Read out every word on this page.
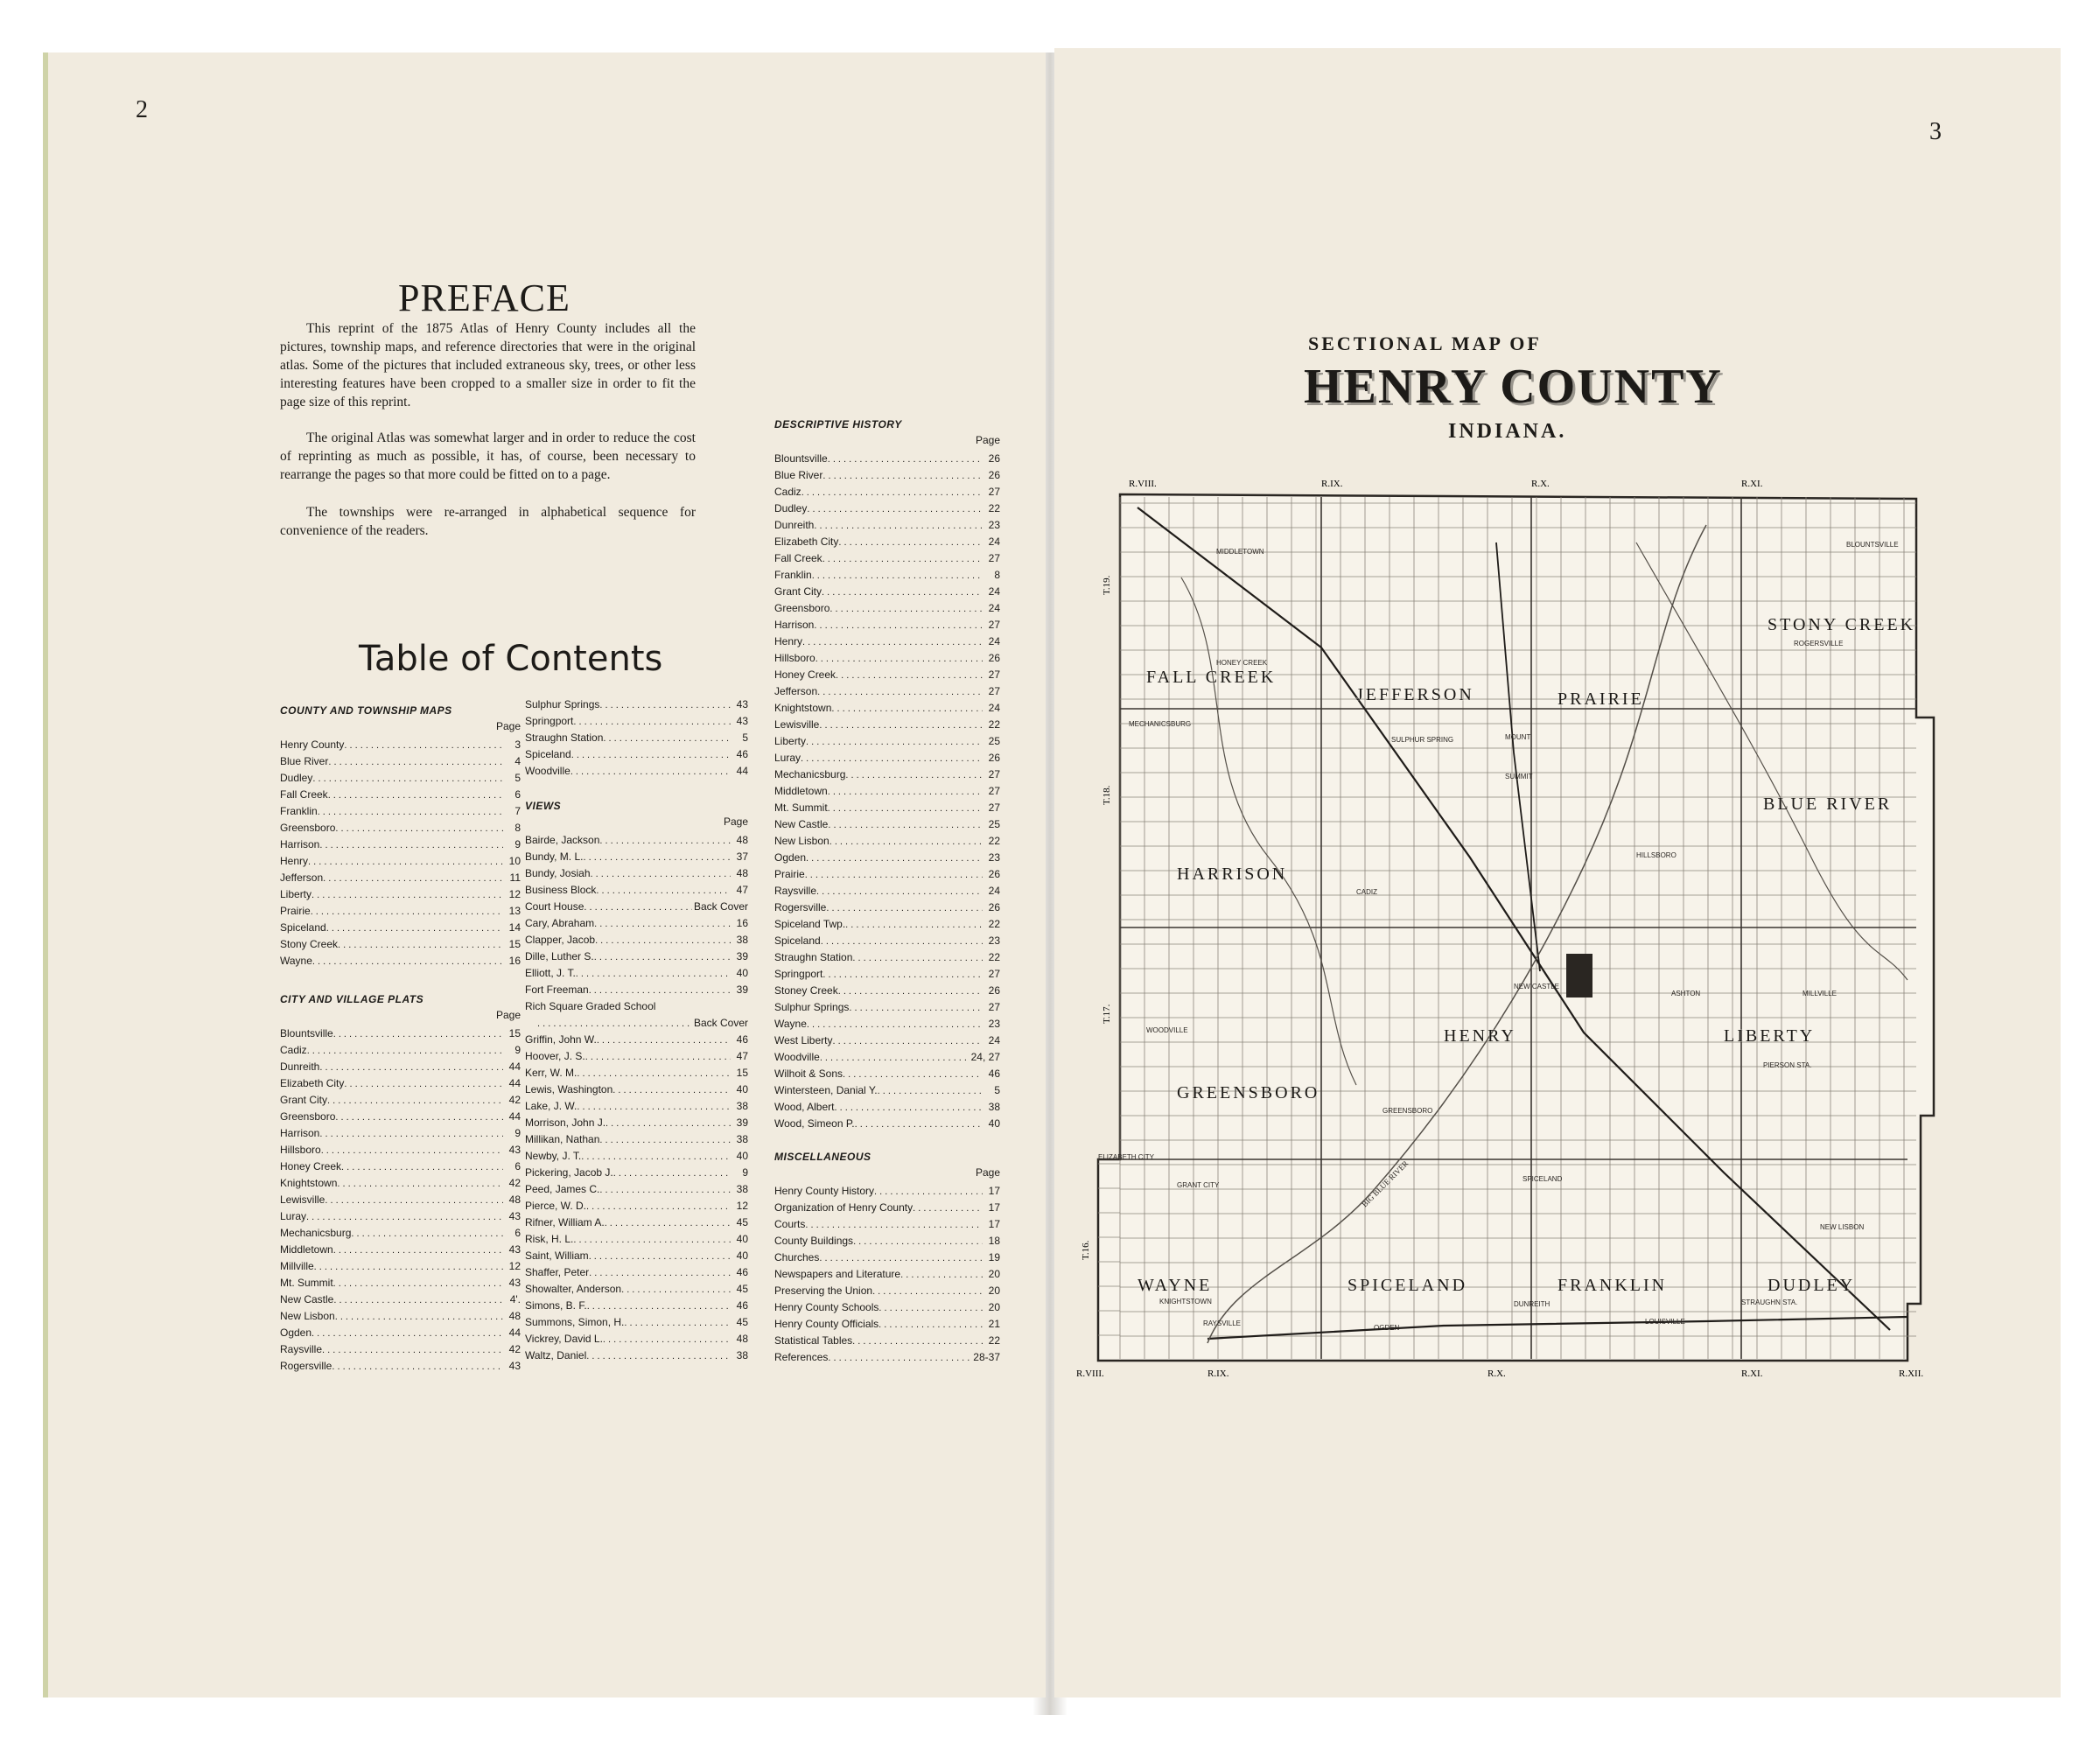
2
PREFACE
This reprint of the 1875 Atlas of Henry County includes all the pictures, township maps, and reference directories that were in the original atlas. Some of the pictures that included extraneous sky, trees, or other less interesting features have been cropped to a smaller size in order to fit the page size of this reprint.
The original Atlas was somewhat larger and in order to reduce the cost of reprinting as much as possible, it has, of course, been necessary to rearrange the pages so that more could be fitted on to a page.
The townships were re-arranged in alphabetical sequence for convenience of the readers.
Table of Contents
COUNTY AND TOWNSHIP MAPS
Page
Henry County . . .	3
Blue River . . .	4
Dudley . . .	5
Fall Creek . . .	6
Franklin . . .	7
Greensboro . . .	8
Harrison . . .	9
Henry . . .	10
Jefferson . . .	11
Liberty . . .	12
Prairie . . .	13
Spiceland . . .	14
Stony Creek . . .	15
Wayne . . .	16
CITY AND VILLAGE PLATS
Page
Blountsville . . .	15
Cadiz . . .	9
Dunreith . . .	44
Elizabeth City . . .	44
Grant City . . .	42
Greensboro . . .	44
Harrison . . .	9
Hillsboro . . .	43
Honey Creek . . .	6
Knightstown . . .	42
Lewisville . . .	48
Luray . . .	43
Mechanicsburg . . .	6
Middletown . . .	43
Millville . . .	12
Mt. Summit . . .	43
New Castle . . .	4'.
New Lisbon . . .	48
Ogden . . .	44
Raysville . . .	42
Rogersville . . .	43
Sulphur Springs . . .	43
Springport . . .	43
Straughn Station . . .	5
Spiceland . . .	46
Woodville . . .	44
VIEWS
Page
Bairde, Jackson . . .	48
Bundy, M. L. . . .	37
Bundy, Josiah . . .	48
Business Block . . .	47
Court House . . .	Back Cover
Cary, Abraham . . .	16
Clapper, Jacob . . .	38
Dille, Luther S. . . .	39
Elliott, J. T. . . .	40
Fort Freeman . . .	39
Rich Square Graded School
. . .
Back Cover
Griffin, John W. . . .	46
Hoover, J. S. . . .	47
Kerr, W. M. . . .	15
Lewis, Washington . . .	40
Lake, J. W. . . .	38
Morrison, John J. . . .	39
Millikan, Nathan . . .	38
Newby, J. T. . . .	40
Pickering, Jacob J. . . .	9
Peed, James C. . . .	38
Pierce, W. D. . . .	12
Rifner, William A. . . .	45
Risk, H. L. . . .	40
Saint, William . . .	40
Shaffer, Peter . . .	46
Showalter, Anderson . . .	45
Simons, B. F. . . .	46
Summons, Simon, H. . . .	45
Vickrey, David L. . . .	48
Waltz, Daniel . . .	38
DESCRIPTIVE HISTORY
Page
Blountsville . . .	26
Blue River . . .	26
Cadiz . . .	27
Dudley . . .	22
Dunreith . . .	23
Elizabeth City . . .	24
Fall Creek . . .	27
Franklin . . .	8
Grant City . . .	24
Greensboro . . .	24
Harrison . . .	27
Henry . . .	24
Hillsboro . . .	26
Honey Creek . . .	27
Jefferson . . .	27
Knightstown . . .	24
Lewisville . . .	22
Liberty . . .	25
Luray . . .	26
Mechanicsburg . . .	27
Middletown . . .	27
Mt. Summit . . .	27
New Castle . . .	25
New Lisbon . . .	22
Ogden . . .	23
Prairie . . .	26
Raysville . . .	24
Rogersville . . .	26
Spiceland Twp. . . .	22
Spiceland . . .	23
Straughn Station . . .	22
Springport . . .	27
Stoney Creek . . .	26
Sulphur Springs . . .	27
Wayne . . .	23
West Liberty . . .	24
Woodville . . .	24, 27
Wilhoit & Sons . . .	46
Wintersteen, Danial Y. . . .	5
Wood, Albert . . .	38
Wood, Simeon P. . . .	40
MISCELLANEOUS
Page
Henry County History . . .	17
Organization of Henry County . . .	17
Courts . . .	17
County Buildings . . .	18
Churches . . .	19
Newspapers and Literature . . .	20
Preserving the Union . . .	20
Henry County Schools . . .	20
Henry County Officials . . .	21
Statistical Tables . . .	22
References . . .	28-37
3
SECTIONAL MAP OF
HENRY COUNTY
INDIANA.
R.VIII.	R.IX.	R.X.	R.XI.
R.VIII.	R.IX.	R.X.	R.XI.	R.XII.
T.19.
T.18.
T.17.
T.16.
STONY CREEK
FALL CREEK
JEFFERSON	PRAIRIE
BLUE RIVER
HARRISON
HENRY	LIBERTY
GREENSBORO
WAYNE	SPICELAND	FRANKLIN	DUDLEY
MIDDLETOWN
BLOUNTSVILLE
ROGERSVILLE
HONEY CREEK
MECHANICSBURG
SULPHUR SPRING	MOUNT
SUMMIT
HILLSBORO
CADIZ
NEW CASTLE
ASHTON	MILLVILLE
WOODVILLE
PIERSON STA.
GREENSBORO
ELIZABETH CITY
GRANT CITY
NEW LISBON
KNIGHTSTOWN
RAYSVILLE
OGDEN
DUNREITH
SPICELAND
LOUISVILLE
STRAUGHN STA.
BIG BLUE RIVER
